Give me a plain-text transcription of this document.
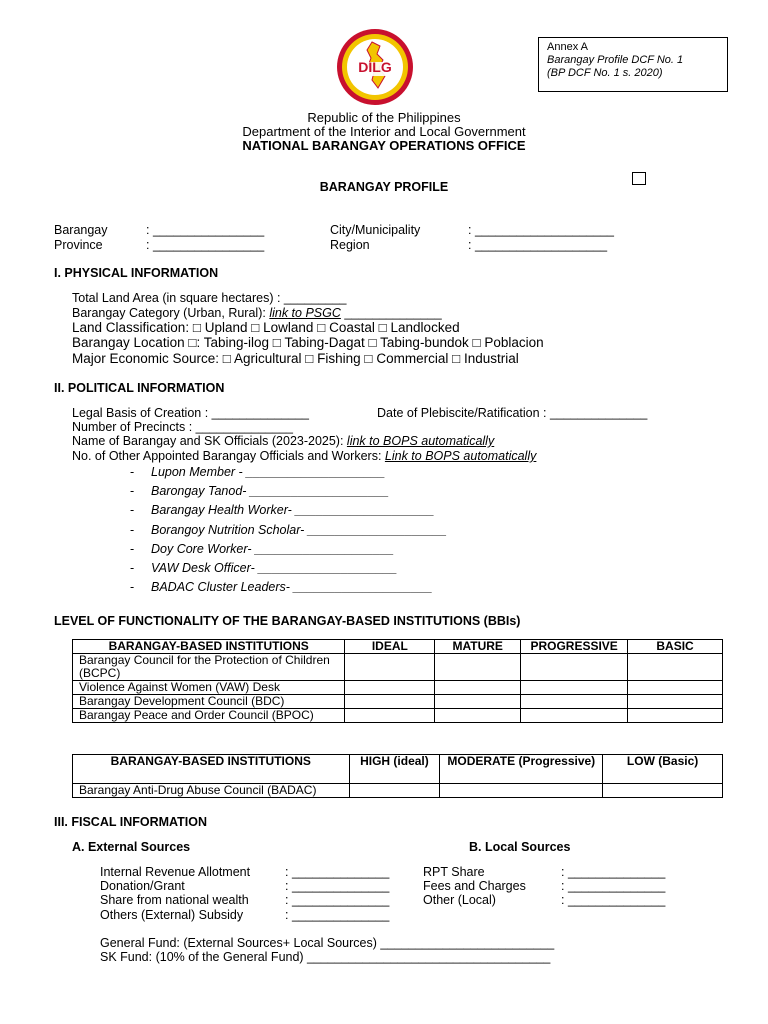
Annex A
Barangay Profile DCF No. 1
(BP DCF No. 1 s. 2020)
DILG
Republic of the Philippines
Department of the Interior and Local Government
NATIONAL BARANGAY OPERATIONS OFFICE
BARANGAY PROFILE
Barangay	: ________________
Province	: ________________
City/Municipality	: ____________________
Region	: ___________________
I. PHYSICAL INFORMATION
Total Land Area (in square hectares) : _________
Barangay Category (Urban, Rural): link to PSGC ______________
Land Classification: □ Upland □ Lowland □ Coastal □ Landlocked
Barangay Location □: Tabing-ilog □ Tabing-Dagat □ Tabing-bundok □ Poblacion
Major Economic Source: □ Agricultural □ Fishing □ Commercial □ Industrial
II. POLITICAL INFORMATION
Legal Basis of Creation : ______________	Date of Plebiscite/Ratification : ______________
Number of Precincts : ______________
Name of Barangay and SK Officials (2023-2025): link to BOPS automatically
No. of Other Appointed Barangay Officials and Workers: Link to BOPS automatically
- Lupon Member - ____________________
- Barongay Tanod- ____________________
- Barangay Health Worker- ____________________
- Borangoy Nutrition Scholar- ____________________
- Doy Core Worker- ____________________
- VAW Desk Officer- ____________________
- BADAC Cluster Leaders- ____________________
LEVEL OF FUNCTIONALITY OF THE BARANGAY-BASED INSTITUTIONS (BBIs)
BARANGAY-BASED INSTITUTIONS	IDEAL	MATURE	PROGRESSIVE	BASIC
Barangay Council for the Protection of Children (BCPC)				
Violence Against Women (VAW) Desk				
Barangay Development Council (BDC)				
Barangay Peace and Order Council (BPOC)				
BARANGAY-BASED INSTITUTIONS	HIGH (ideal)	MODERATE (Progressive)	LOW (Basic)
Barangay Anti-Drug Abuse Council (BADAC)			
III. FISCAL INFORMATION
A. External Sources	B. Local Sources
Internal Revenue Allotment	: ______________
Donation/Grant	: ______________
Share from national wealth	: ______________
Others (External) Subsidy	: ______________
RPT Share	: ______________
Fees and Charges	: ______________
Other (Local)	: ______________
General Fund: (External Sources+ Local Sources) _________________________
SK Fund: (10% of the General Fund) ___________________________________
